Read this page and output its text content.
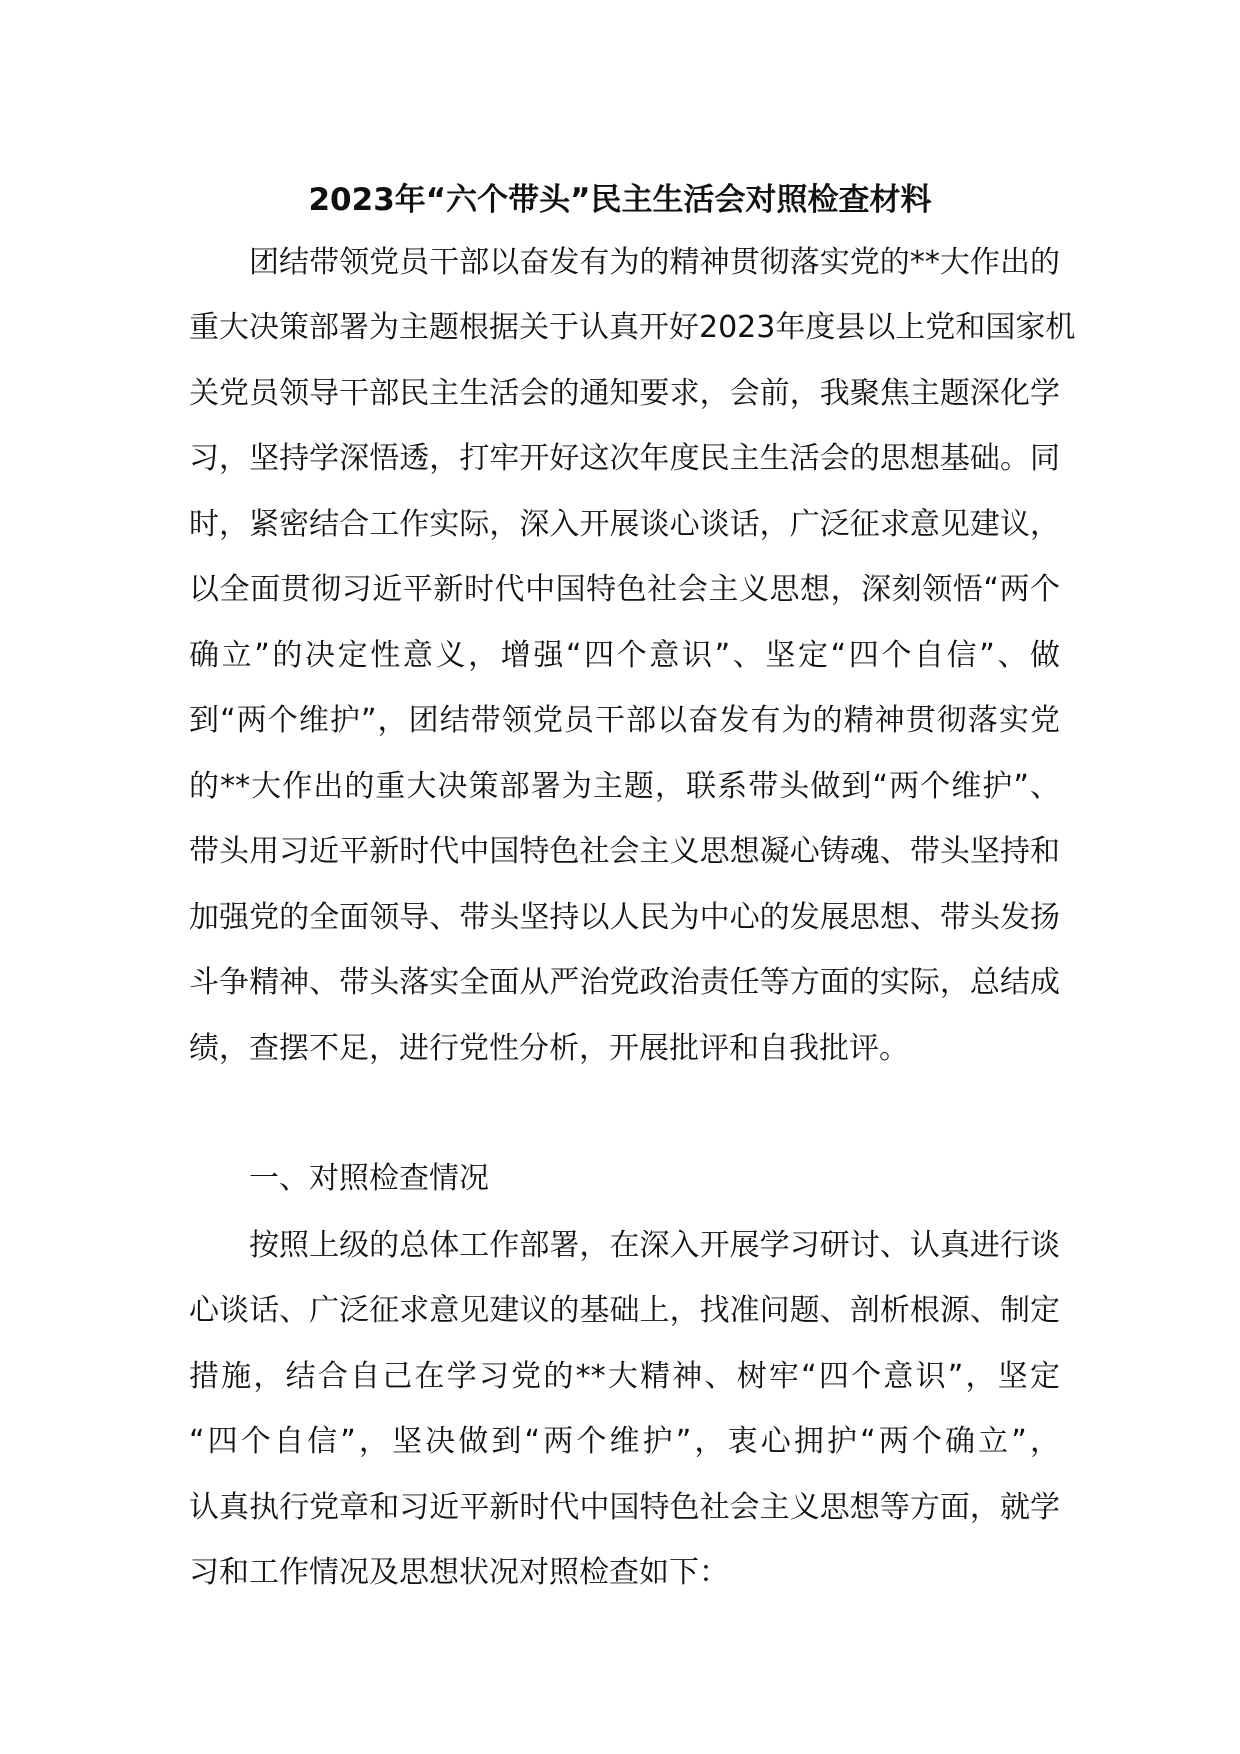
2023年“六个带头”民主生活会对照检查材料
团结带领党员干部以奋发有为的精神贯彻落实党的**大作出的
重大决策部署为主题根据关于认真开好2023年度县以上党和国家机
关党员领导干部民主生活会的通知要求，会前，我聚焦主题深化学
习，坚持学深悟透，打牢开好这次年度民主生活会的思想基础。同
时，紧密结合工作实际，深入开展谈心谈话，广泛征求意见建议，
以全面贯彻习近平新时代中国特色社会主义思想，深刻领悟“两个
确立”的决定性意义，增强“四个意识”、坚定“四个自信”、做
到“两个维护”，团结带领党员干部以奋发有为的精神贯彻落实党
的**大作出的重大决策部署为主题，联系带头做到“两个维护”、
带头用习近平新时代中国特色社会主义思想凝心铸魂、带头坚持和
加强党的全面领导、带头坚持以人民为中心的发展思想、带头发扬
斗争精神、带头落实全面从严治党政治责任等方面的实际，总结成
绩，查摆不足，进行党性分析，开展批评和自我批评。
一、对照检查情况
按照上级的总体工作部署，在深入开展学习研讨、认真进行谈
心谈话、广泛征求意见建议的基础上，找准问题、剖析根源、制定
措施，结合自己在学习党的**大精神、树牢“四个意识”，坚定
“四个自信”，坚决做到“两个维护”，衷心拥护“两个确立”，
认真执行党章和习近平新时代中国特色社会主义思想等方面，就学
习和工作情况及思想状况对照检查如下：
